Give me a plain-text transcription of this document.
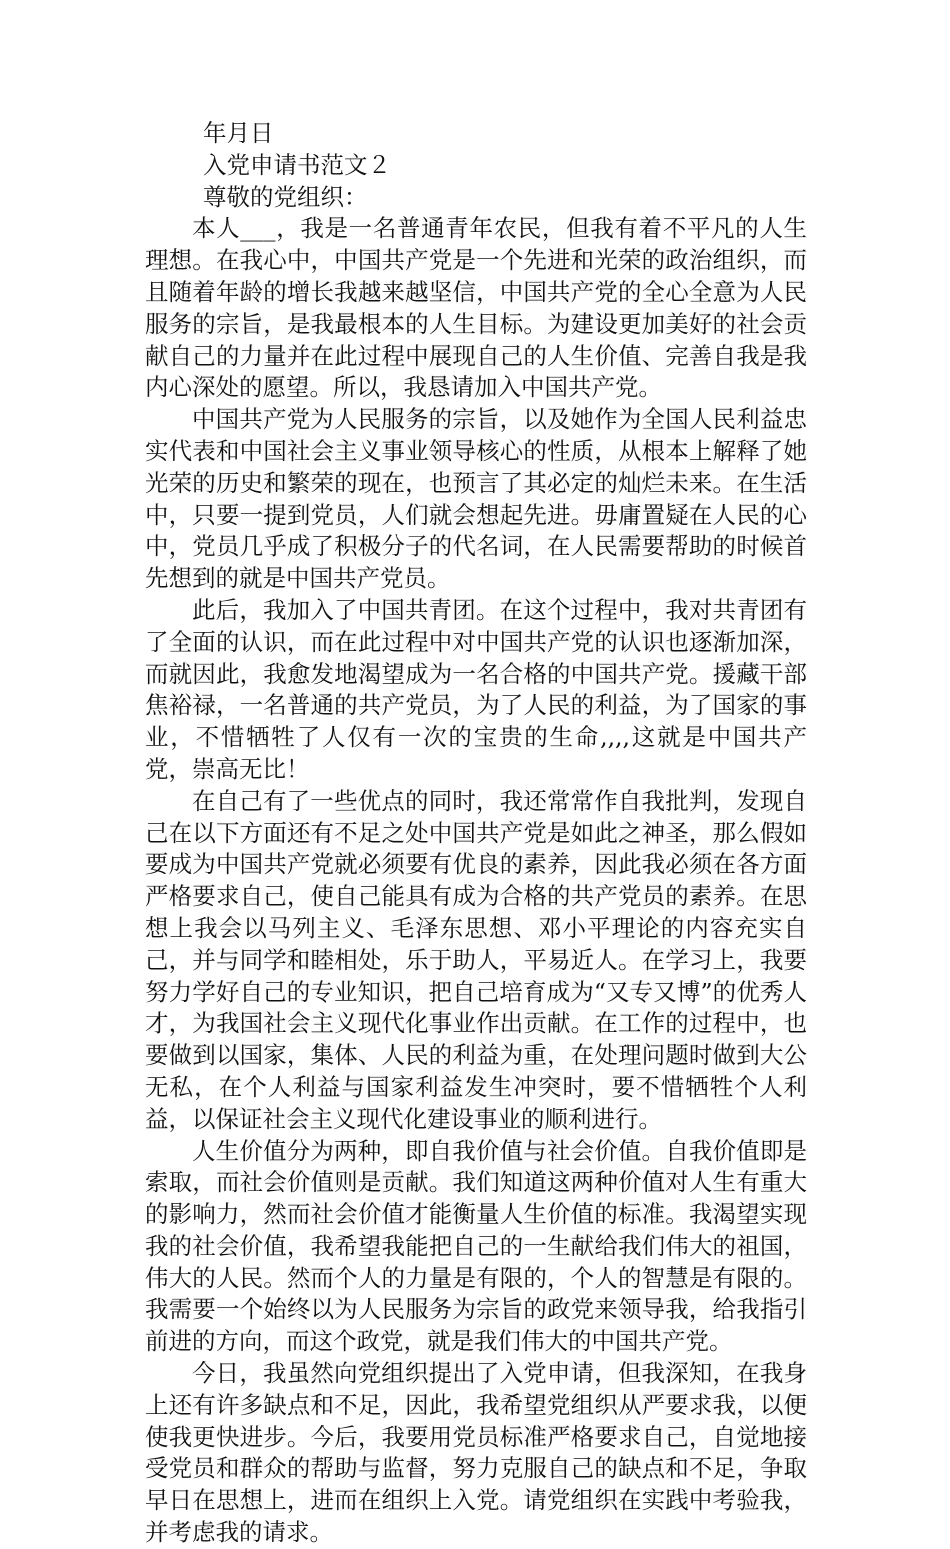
年月日

入党申请书范文２

尊敬的党组织：

本人___，我是一名普通青年农民，但我有着不平凡的人生理想。在我心中，中国共产党是一个先进和光荣的政治组织，而且随着年龄的增长我越来越坚信，中国共产党的全心全意为人民服务的宗旨，是我最根本的人生目标。为建设更加美好的社会贡献自己的力量并在此过程中展现自己的人生价值、完善自我是我内心深处的愿望。所以，我恳请加入中国共产党。

中国共产党为人民服务的宗旨，以及她作为全国人民利益忠实代表和中国社会主义事业领导核心的性质，从根本上解释了她光荣的历史和繁荣的现在，也预言了其必定的灿烂未来。在生活中，只要一提到党员，人们就会想起先进。毋庸置疑在人民的心中，党员几乎成了积极分子的代名词，在人民需要帮助的时候首先想到的就是中国共产党员。

此后，我加入了中国共青团。在这个过程中，我对共青团有了全面的认识，而在此过程中对中国共产党的认识也逐渐加深，而就因此，我愈发地渴望成为一名合格的中国共产党。援藏干部焦裕禄，一名普通的共产党员，为了人民的利益，为了国家的事业，不惜牺牲了人仅有一次的宝贵的生命,,,,这就是中国共产党，崇高无比！

在自己有了一些优点的同时，我还常常作自我批判，发现自己在以下方面还有不足之处中国共产党是如此之神圣，那么假如要成为中国共产党就必须要有优良的素养，因此我必须在各方面严格要求自己，使自己能具有成为合格的共产党员的素养。在思想上我会以马列主义、毛泽东思想、邓小平理论的内容充实自己，并与同学和睦相处，乐于助人，平易近人。在学习上，我要努力学好自己的专业知识，把自己培育成为“又专又博”的优秀人才，为我国社会主义现代化事业作出贡献。在工作的过程中，也要做到以国家，集体、人民的利益为重，在处理问题时做到大公无私，在个人利益与国家利益发生冲突时，要不惜牺牲个人利益，以保证社会主义现代化建设事业的顺利进行。

人生价值分为两种，即自我价值与社会价值。自我价值即是索取，而社会价值则是贡献。我们知道这两种价值对人生有重大的影响力，然而社会价值才能衡量人生价值的标准。我渴望实现我的社会价值，我希望我能把自己的一生献给我们伟大的祖国，伟大的人民。然而个人的力量是有限的，个人的智慧是有限的。我需要一个始终以为人民服务为宗旨的政党来领导我，给我指引前进的方向，而这个政党，就是我们伟大的中国共产党。

今日，我虽然向党组织提出了入党申请，但我深知，在我身上还有许多缺点和不足，因此，我希望党组织从严要求我，以便使我更快进步。今后，我要用党员标准严格要求自己，自觉地接受党员和群众的帮助与监督，努力克服自己的缺点和不足，争取早日在思想上，进而在组织上入党。请党组织在实践中考验我，并考虑我的请求。
